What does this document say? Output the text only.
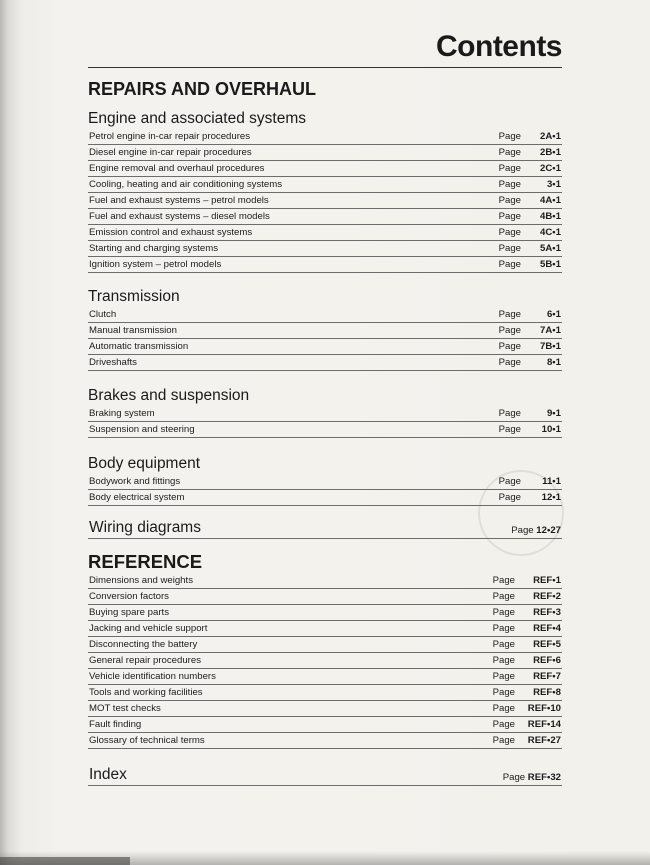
Contents
REPAIRS AND OVERHAUL
Engine and associated systems
Petrol engine in-car repair procedures	Page	2A•1
Diesel engine in-car repair procedures	Page	2B•1
Engine removal and overhaul procedures	Page	2C•1
Cooling, heating and air conditioning systems	Page	3•1
Fuel and exhaust systems – petrol models	Page	4A•1
Fuel and exhaust systems – diesel models	Page	4B•1
Emission control and exhaust systems	Page	4C•1
Starting and charging systems	Page	5A•1
Ignition system – petrol models	Page	5B•1
Transmission
Clutch	Page	6•1
Manual transmission	Page	7A•1
Automatic transmission	Page	7B•1
Driveshafts	Page	8•1
Brakes and suspension
Braking system	Page	9•1
Suspension and steering	Page	10•1
Body equipment
Bodywork and fittings	Page	11•1
Body electrical system	Page	12•1
Wiring diagrams	Page 12•27
REFERENCE
Dimensions and weights	Page	REF•1
Conversion factors	Page	REF•2
Buying spare parts	Page	REF•3
Jacking and vehicle support	Page	REF•4
Disconnecting the battery	Page	REF•5
General repair procedures	Page	REF•6
Vehicle identification numbers	Page	REF•7
Tools and working facilities	Page	REF•8
MOT test checks	Page	REF•10
Fault finding	Page	REF•14
Glossary of technical terms	Page	REF•27
Index	Page REF•32
